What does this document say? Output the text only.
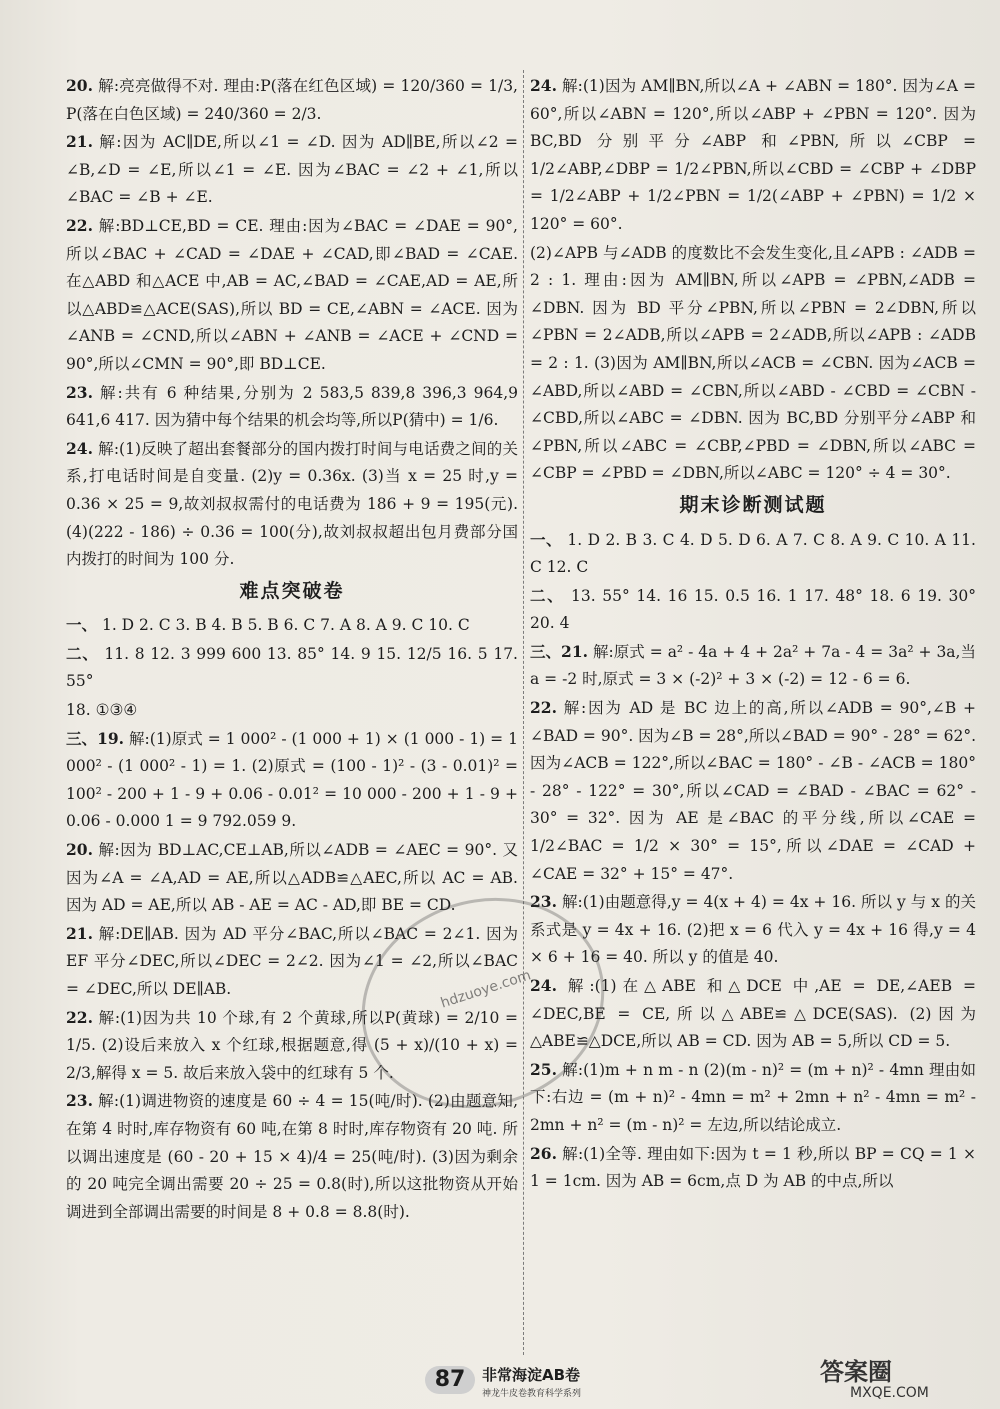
20. 解:亮亮做得不对. 理由:P(落在红色区域) = 120/360 = 1/3, P(落在白色区域) = 240/360 = 2/3.

21. 解:因为 AC∥DE,所以∠1 = ∠D. 因为 AD∥BE,所以∠2 = ∠B,∠D = ∠E,所以∠1 = ∠E. 因为∠BAC = ∠2 + ∠1,所以∠BAC = ∠B + ∠E.

22. 解:BD⊥CE,BD = CE. 理由:因为∠BAC = ∠DAE = 90°,所以∠BAC + ∠CAD = ∠DAE + ∠CAD,即∠BAD = ∠CAE. 在△ABD 和△ACE 中,AB = AC,∠BAD = ∠CAE,AD = AE,所以△ABD≌△ACE(SAS),所以 BD = CE,∠ABN = ∠ACE. 因为∠ANB = ∠CND,所以∠ABN + ∠ANB = ∠ACE + ∠CND = 90°,所以∠CMN = 90°,即 BD⊥CE.

23. 解:共有 6 种结果,分别为 2 583,5 839,8 396,3 964,9 641,6 417. 因为猜中每个结果的机会均等,所以P(猜中) = 1/6.

24. 解:(1)反映了超出套餐部分的国内拨打时间与电话费之间的关系,打电话时间是自变量. (2)y = 0.36x. (3)当 x = 25 时,y = 0.36 × 25 = 9,故刘叔叔需付的电话费为 186 + 9 = 195(元). (4)(222 - 186) ÷ 0.36 = 100(分),故刘叔叔超出包月费部分国内拨打的时间为 100 分.

难点突破卷

一、 1. D 2. C 3. B 4. B 5. B 6. C 7. A 8. A 9. C 10. C

二、 11. 8 12. 3 999 600 13. 85° 14. 9 15. 12/5 16. 5 17. 55°

18. ①③④

三、19. 解:(1)原式 = 1 000² - (1 000 + 1) × (1 000 - 1) = 1 000² - (1 000² - 1) = 1. (2)原式 = (100 - 1)² - (3 - 0.01)² = 100² - 200 + 1 - 9 + 0.06 - 0.01² = 10 000 - 200 + 1 - 9 + 0.06 - 0.000 1 = 9 792.059 9.

20. 解:因为 BD⊥AC,CE⊥AB,所以∠ADB = ∠AEC = 90°. 又因为∠A = ∠A,AD = AE,所以△ADB≌△AEC,所以 AC = AB. 因为 AD = AE,所以 AB - AE = AC - AD,即 BE = CD.

21. 解:DE∥AB. 因为 AD 平分∠BAC,所以∠BAC = 2∠1. 因为 EF 平分∠DEC,所以∠DEC = 2∠2. 因为∠1 = ∠2,所以∠BAC = ∠DEC,所以 DE∥AB.

22. 解:(1)因为共 10 个球,有 2 个黄球,所以P(黄球) = 2/10 = 1/5. (2)设后来放入 x 个红球,根据题意,得 (5 + x)/(10 + x) = 2/3,解得 x = 5. 故后来放入袋中的红球有 5 个.

23. 解:(1)调进物资的速度是 60 ÷ 4 = 15(吨/时). (2)由题意知,在第 4 时时,库存物资有 60 吨,在第 8 时时,库存物资有 20 吨. 所以调出速度是 (60 - 20 + 15 × 4)/4 = 25(吨/时). (3)因为剩余的 20 吨完全调出需要 20 ÷ 25 = 0.8(时),所以这批物资从开始调进到全部调出需要的时间是 8 + 0.8 = 8.8(时).

24. 解:(1)因为 AM∥BN,所以∠A + ∠ABN = 180°. 因为∠A = 60°,所以∠ABN = 120°,所以∠ABP + ∠PBN = 120°. 因为 BC,BD 分别平分∠ABP 和∠PBN,所以∠CBP = 1/2∠ABP,∠DBP = 1/2∠PBN,所以∠CBD = ∠CBP + ∠DBP = 1/2∠ABP + 1/2∠PBN = 1/2(∠ABP + ∠PBN) = 1/2 × 120° = 60°.

(2)∠APB 与∠ADB 的度数比不会发生变化,且∠APB : ∠ADB = 2 : 1. 理由:因为 AM∥BN,所以∠APB = ∠PBN,∠ADB = ∠DBN. 因为 BD 平分∠PBN,所以∠PBN = 2∠DBN,所以∠PBN = 2∠ADB,所以∠APB = 2∠ADB,所以∠APB : ∠ADB = 2 : 1. (3)因为 AM∥BN,所以∠ACB = ∠CBN. 因为∠ACB = ∠ABD,所以∠ABD = ∠CBN,所以∠ABD - ∠CBD = ∠CBN - ∠CBD,所以∠ABC = ∠DBN. 因为 BC,BD 分别平分∠ABP 和∠PBN,所以∠ABC = ∠CBP,∠PBD = ∠DBN,所以∠ABC = ∠CBP = ∠PBD = ∠DBN,所以∠ABC = 120° ÷ 4 = 30°.

期末诊断测试题

一、 1. D 2. B 3. C 4. D 5. D 6. A 7. C 8. A 9. C 10. A 11. C 12. C

二、 13. 55° 14. 16 15. 0.5 16. 1 17. 48° 18. 6 19. 30° 20. 4

三、21. 解:原式 = a² - 4a + 4 + 2a² + 7a - 4 = 3a² + 3a,当 a = -2 时,原式 = 3 × (-2)² + 3 × (-2) = 12 - 6 = 6.

22. 解:因为 AD 是 BC 边上的高,所以∠ADB = 90°,∠B + ∠BAD = 90°. 因为∠B = 28°,所以∠BAD = 90° - 28° = 62°. 因为∠ACB = 122°,所以∠BAC = 180° - ∠B - ∠ACB = 180° - 28° - 122° = 30°,所以∠CAD = ∠BAD - ∠BAC = 62° - 30° = 32°. 因为 AE 是∠BAC 的平分线,所以∠CAE = 1/2∠BAC = 1/2 × 30° = 15°,所以∠DAE = ∠CAD + ∠CAE = 32° + 15° = 47°.

23. 解:(1)由题意得,y = 4(x + 4) = 4x + 16. 所以 y 与 x 的关系式是 y = 4x + 16. (2)把 x = 6 代入 y = 4x + 16 得,y = 4 × 6 + 16 = 40. 所以 y 的值是 40.

24. 解:(1)在△ABE 和△DCE 中,AE = DE,∠AEB = ∠DEC,BE = CE,所以△ABE≌△DCE(SAS). (2)因为△ABE≌△DCE,所以 AB = CD. 因为 AB = 5,所以 CD = 5.

25. 解:(1)m + n m - n (2)(m - n)² = (m + n)² - 4mn 理由如下:右边 = (m + n)² - 4mn = m² + 2mn + n² - 4mn = m² - 2mn + n² = (m - n)² = 左边,所以结论成立.

26. 解:(1)全等. 理由如下:因为 t = 1 秒,所以 BP = CQ = 1 × 1 = 1cm. 因为 AB = 6cm,点 D 为 AB 的中点,所以

hdzuoye.com
87	非常海淀AB卷
神龙牛皮卷教育科学系列
答案圈
MXQE.COM
